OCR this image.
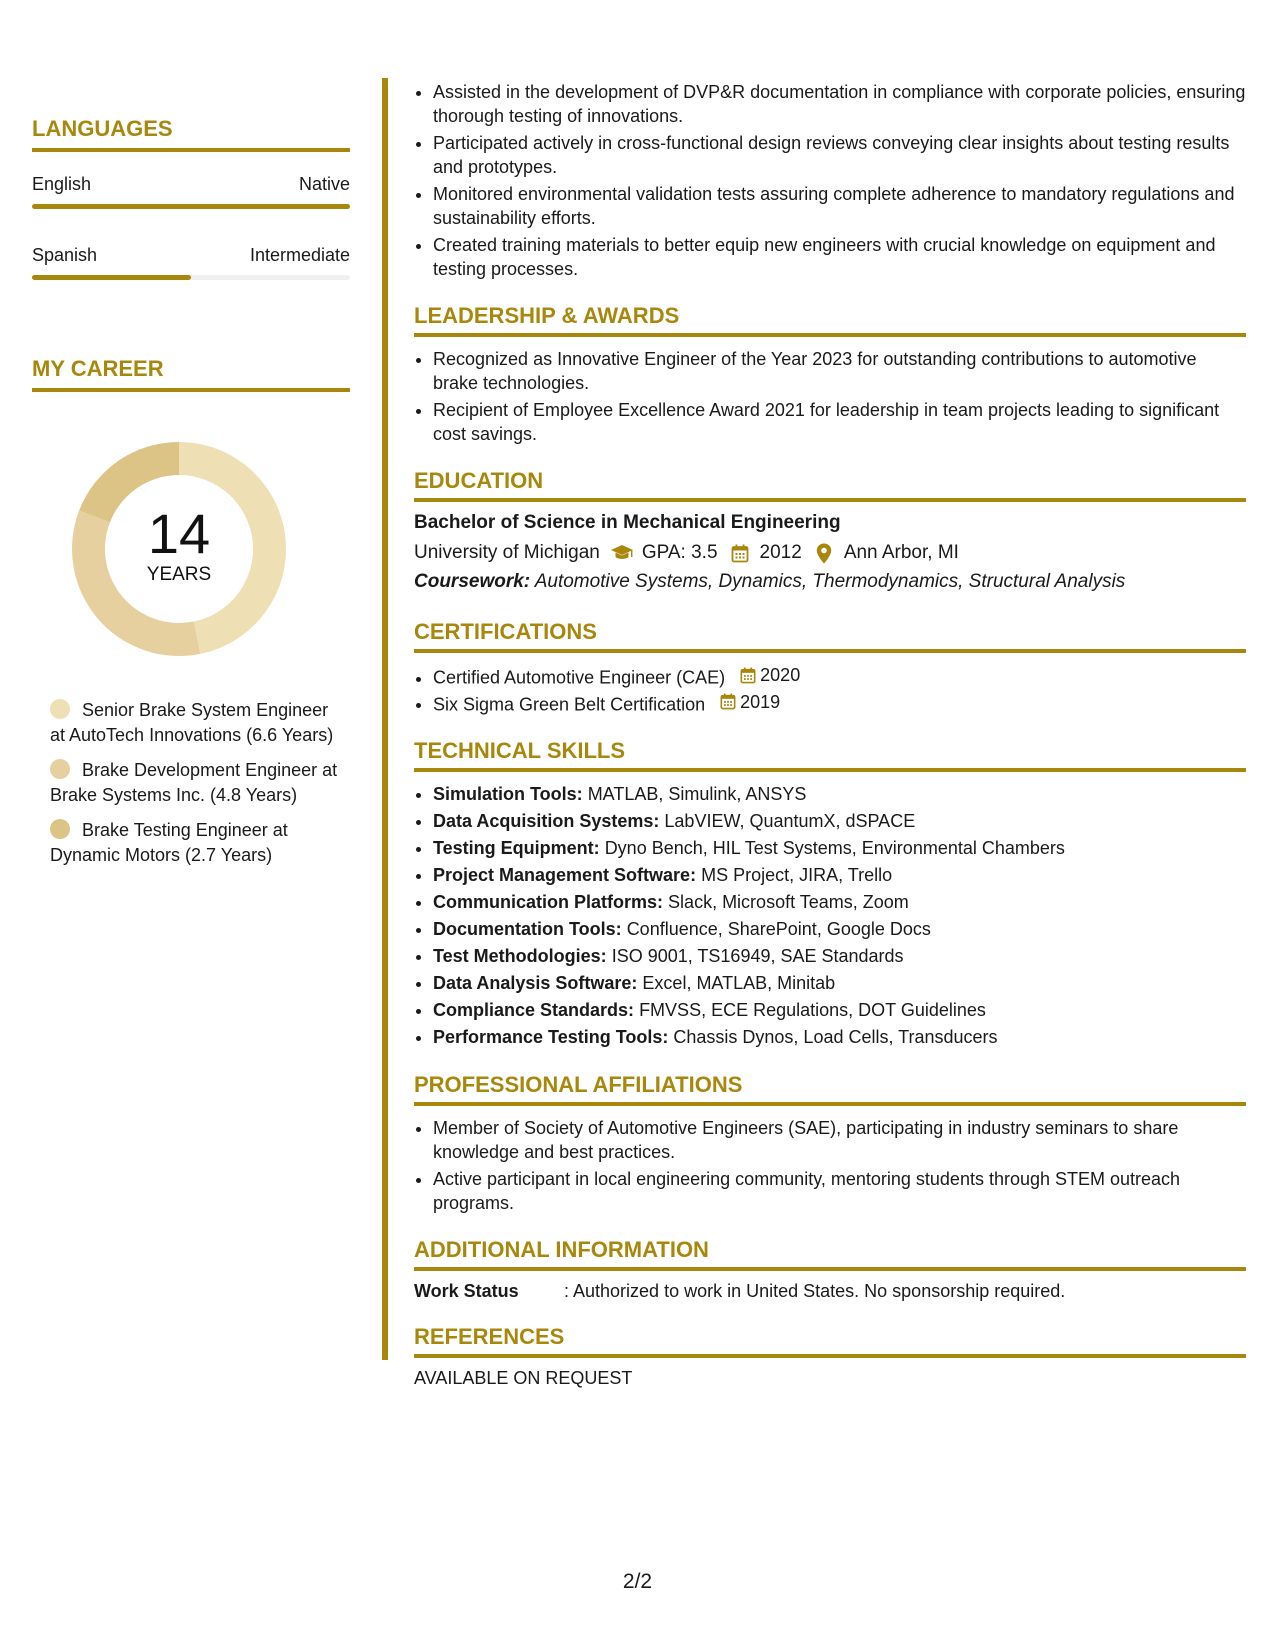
LANGUAGES
English	Native
Spanish	Intermediate
MY CAREER
14
YEARS
Senior Brake System Engineer at AutoTech Innovations (6.6 Years)
Brake Development Engineer at Brake Systems Inc. (4.8 Years)
Brake Testing Engineer at Dynamic Motors (2.7 Years)
• Assisted in the development of DVP&R documentation in compliance with corporate policies, ensuring thorough testing of innovations.
• Participated actively in cross-functional design reviews conveying clear insights about testing results and prototypes.
• Monitored environmental validation tests assuring complete adherence to mandatory regulations and sustainability efforts.
• Created training materials to better equip new engineers with crucial knowledge on equipment and testing processes.
LEADERSHIP & AWARDS
• Recognized as Innovative Engineer of the Year 2023 for outstanding contributions to automotive brake technologies.
• Recipient of Employee Excellence Award 2021 for leadership in team projects leading to significant cost savings.
EDUCATION

Bachelor of Science in Mechanical Engineering

University of Michigan GPA: 3.5 2012 Ann Arbor, MI
Coursework: Automotive Systems, Dynamics, Thermodynamics, Structural Analysis
CERTIFICATIONS
• Certified Automotive Engineer (CAE) 2020
• Six Sigma Green Belt Certification 2019
TECHNICAL SKILLS
• Simulation Tools: MATLAB, Simulink, ANSYS
• Data Acquisition Systems: LabVIEW, QuantumX, dSPACE
• Testing Equipment: Dyno Bench, HIL Test Systems, Environmental Chambers
• Project Management Software: MS Project, JIRA, Trello
• Communication Platforms: Slack, Microsoft Teams, Zoom
• Documentation Tools: Confluence, SharePoint, Google Docs
• Test Methodologies: ISO 9001, TS16949, SAE Standards
• Data Analysis Software: Excel, MATLAB, Minitab
• Compliance Standards: FMVSS, ECE Regulations, DOT Guidelines
• Performance Testing Tools: Chassis Dynos, Load Cells, Transducers
PROFESSIONAL AFFILIATIONS
• Member of Society of Automotive Engineers (SAE), participating in industry seminars to share knowledge and best practices.
• Active participant in local engineering community, mentoring students through STEM outreach programs.
ADDITIONAL INFORMATION
Work Status	: Authorized to work in United States. No sponsorship required.
REFERENCES
AVAILABLE ON REQUEST
2/2
